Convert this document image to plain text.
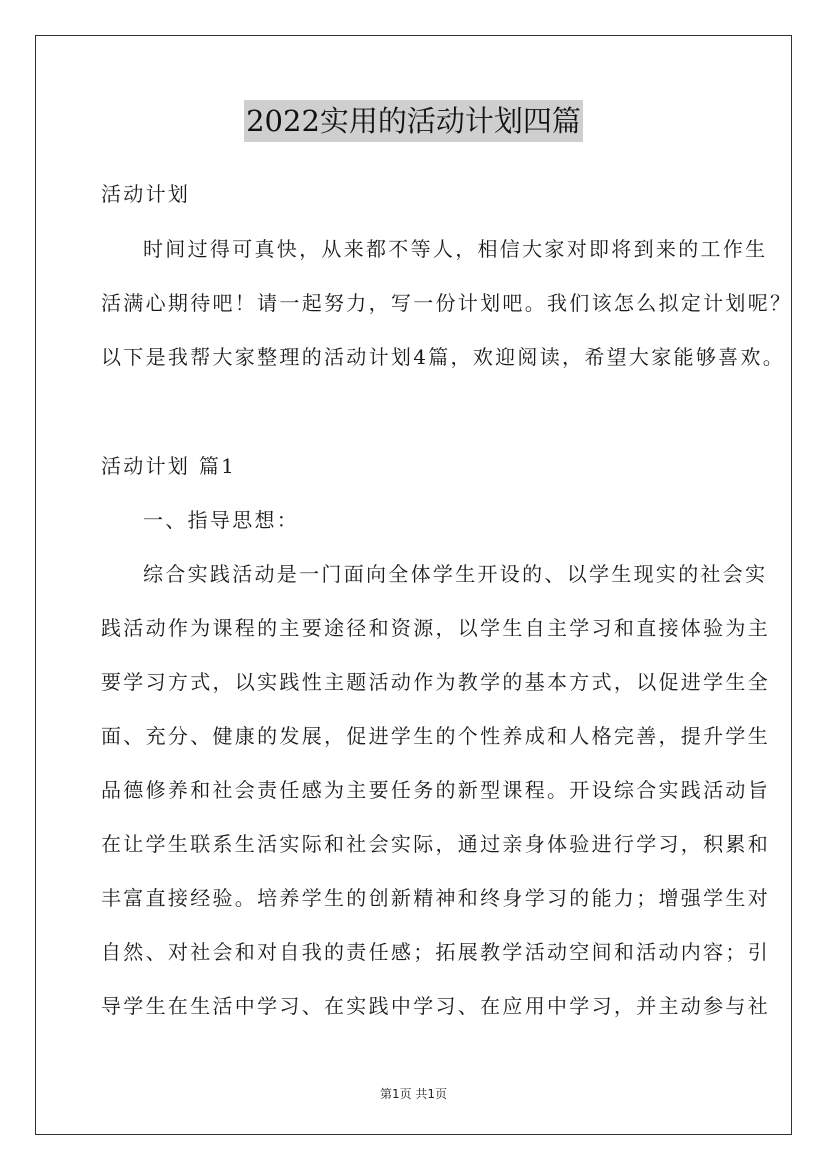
2022实用的活动计划四篇
活动计划
时间过得可真快，从来都不等人，相信大家对即将到来的工作生
活满心期待吧！请一起努力，写一份计划吧。我们该怎么拟定计划呢？
以下是我帮大家整理的活动计划4篇，欢迎阅读，希望大家能够喜欢。
活动计划 篇1
一、指导思想：
综合实践活动是一门面向全体学生开设的、以学生现实的社会实
践活动作为课程的主要途径和资源，以学生自主学习和直接体验为主
要学习方式，以实践性主题活动作为教学的基本方式，以促进学生全
面、充分、健康的发展，促进学生的个性养成和人格完善，提升学生
品德修养和社会责任感为主要任务的新型课程。开设综合实践活动旨
在让学生联系生活实际和社会实际，通过亲身体验进行学习，积累和
丰富直接经验。培养学生的创新精神和终身学习的能力；增强学生对
自然、对社会和对自我的责任感；拓展教学活动空间和活动内容；引
导学生在生活中学习、在实践中学习、在应用中学习，并主动参与社
第1页 共1页
